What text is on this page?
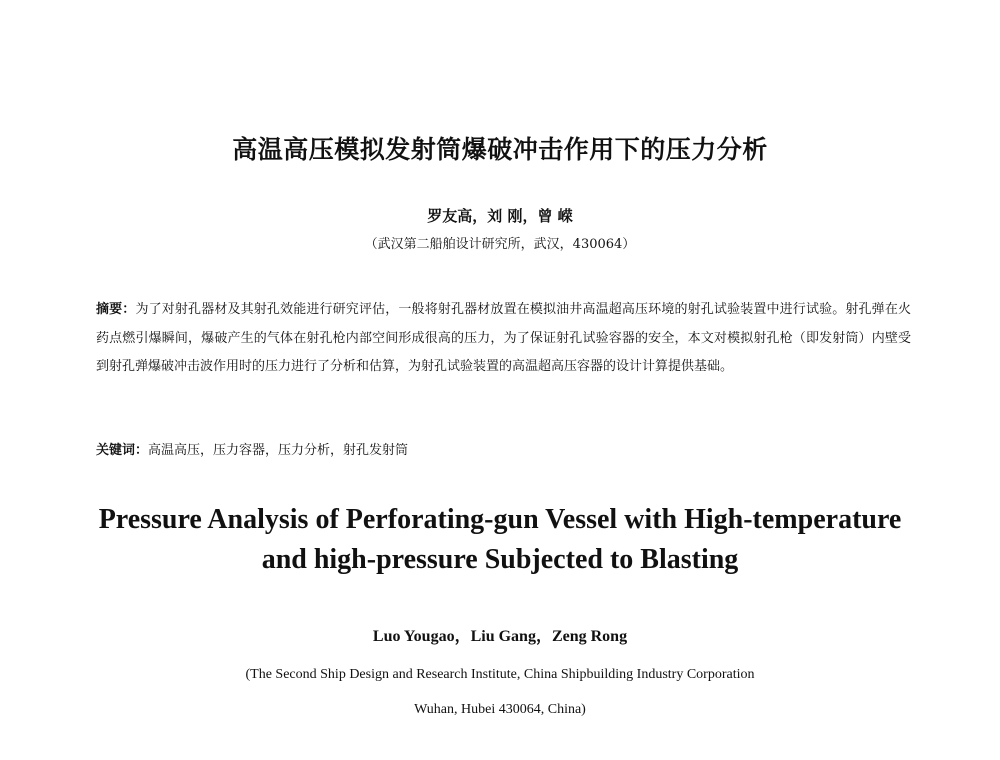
高温高压模拟发射筒爆破冲击作用下的压力分析
罗友高，刘 刚，曾 嵘
（武汉第二船舶设计研究所，武汉，430064）
摘要：为了对射孔器材及其射孔效能进行研究评估，一般将射孔器材放置在模拟油井高温超高压环境的射孔试验装置中进行试验。射孔弹在火药点燃引爆瞬间，爆破产生的气体在射孔枪内部空间形成很高的压力，为了保证射孔试验容器的安全，本文对模拟射孔枪（即发射筒）内壁受到射孔弹爆破冲击波作用时的压力进行了分析和估算，为射孔试验装置的高温超高压容器的设计计算提供基础。
关键词：高温高压，压力容器，压力分析，射孔发射筒
Pressure Analysis of Perforating-gun Vessel with High-temperature
and high-pressure Subjected to Blasting
Luo Yougao，Liu Gang，Zeng Rong
(The Second Ship Design and Research Institute, China Shipbuilding Industry Corporation
Wuhan, Hubei 430064, China)
